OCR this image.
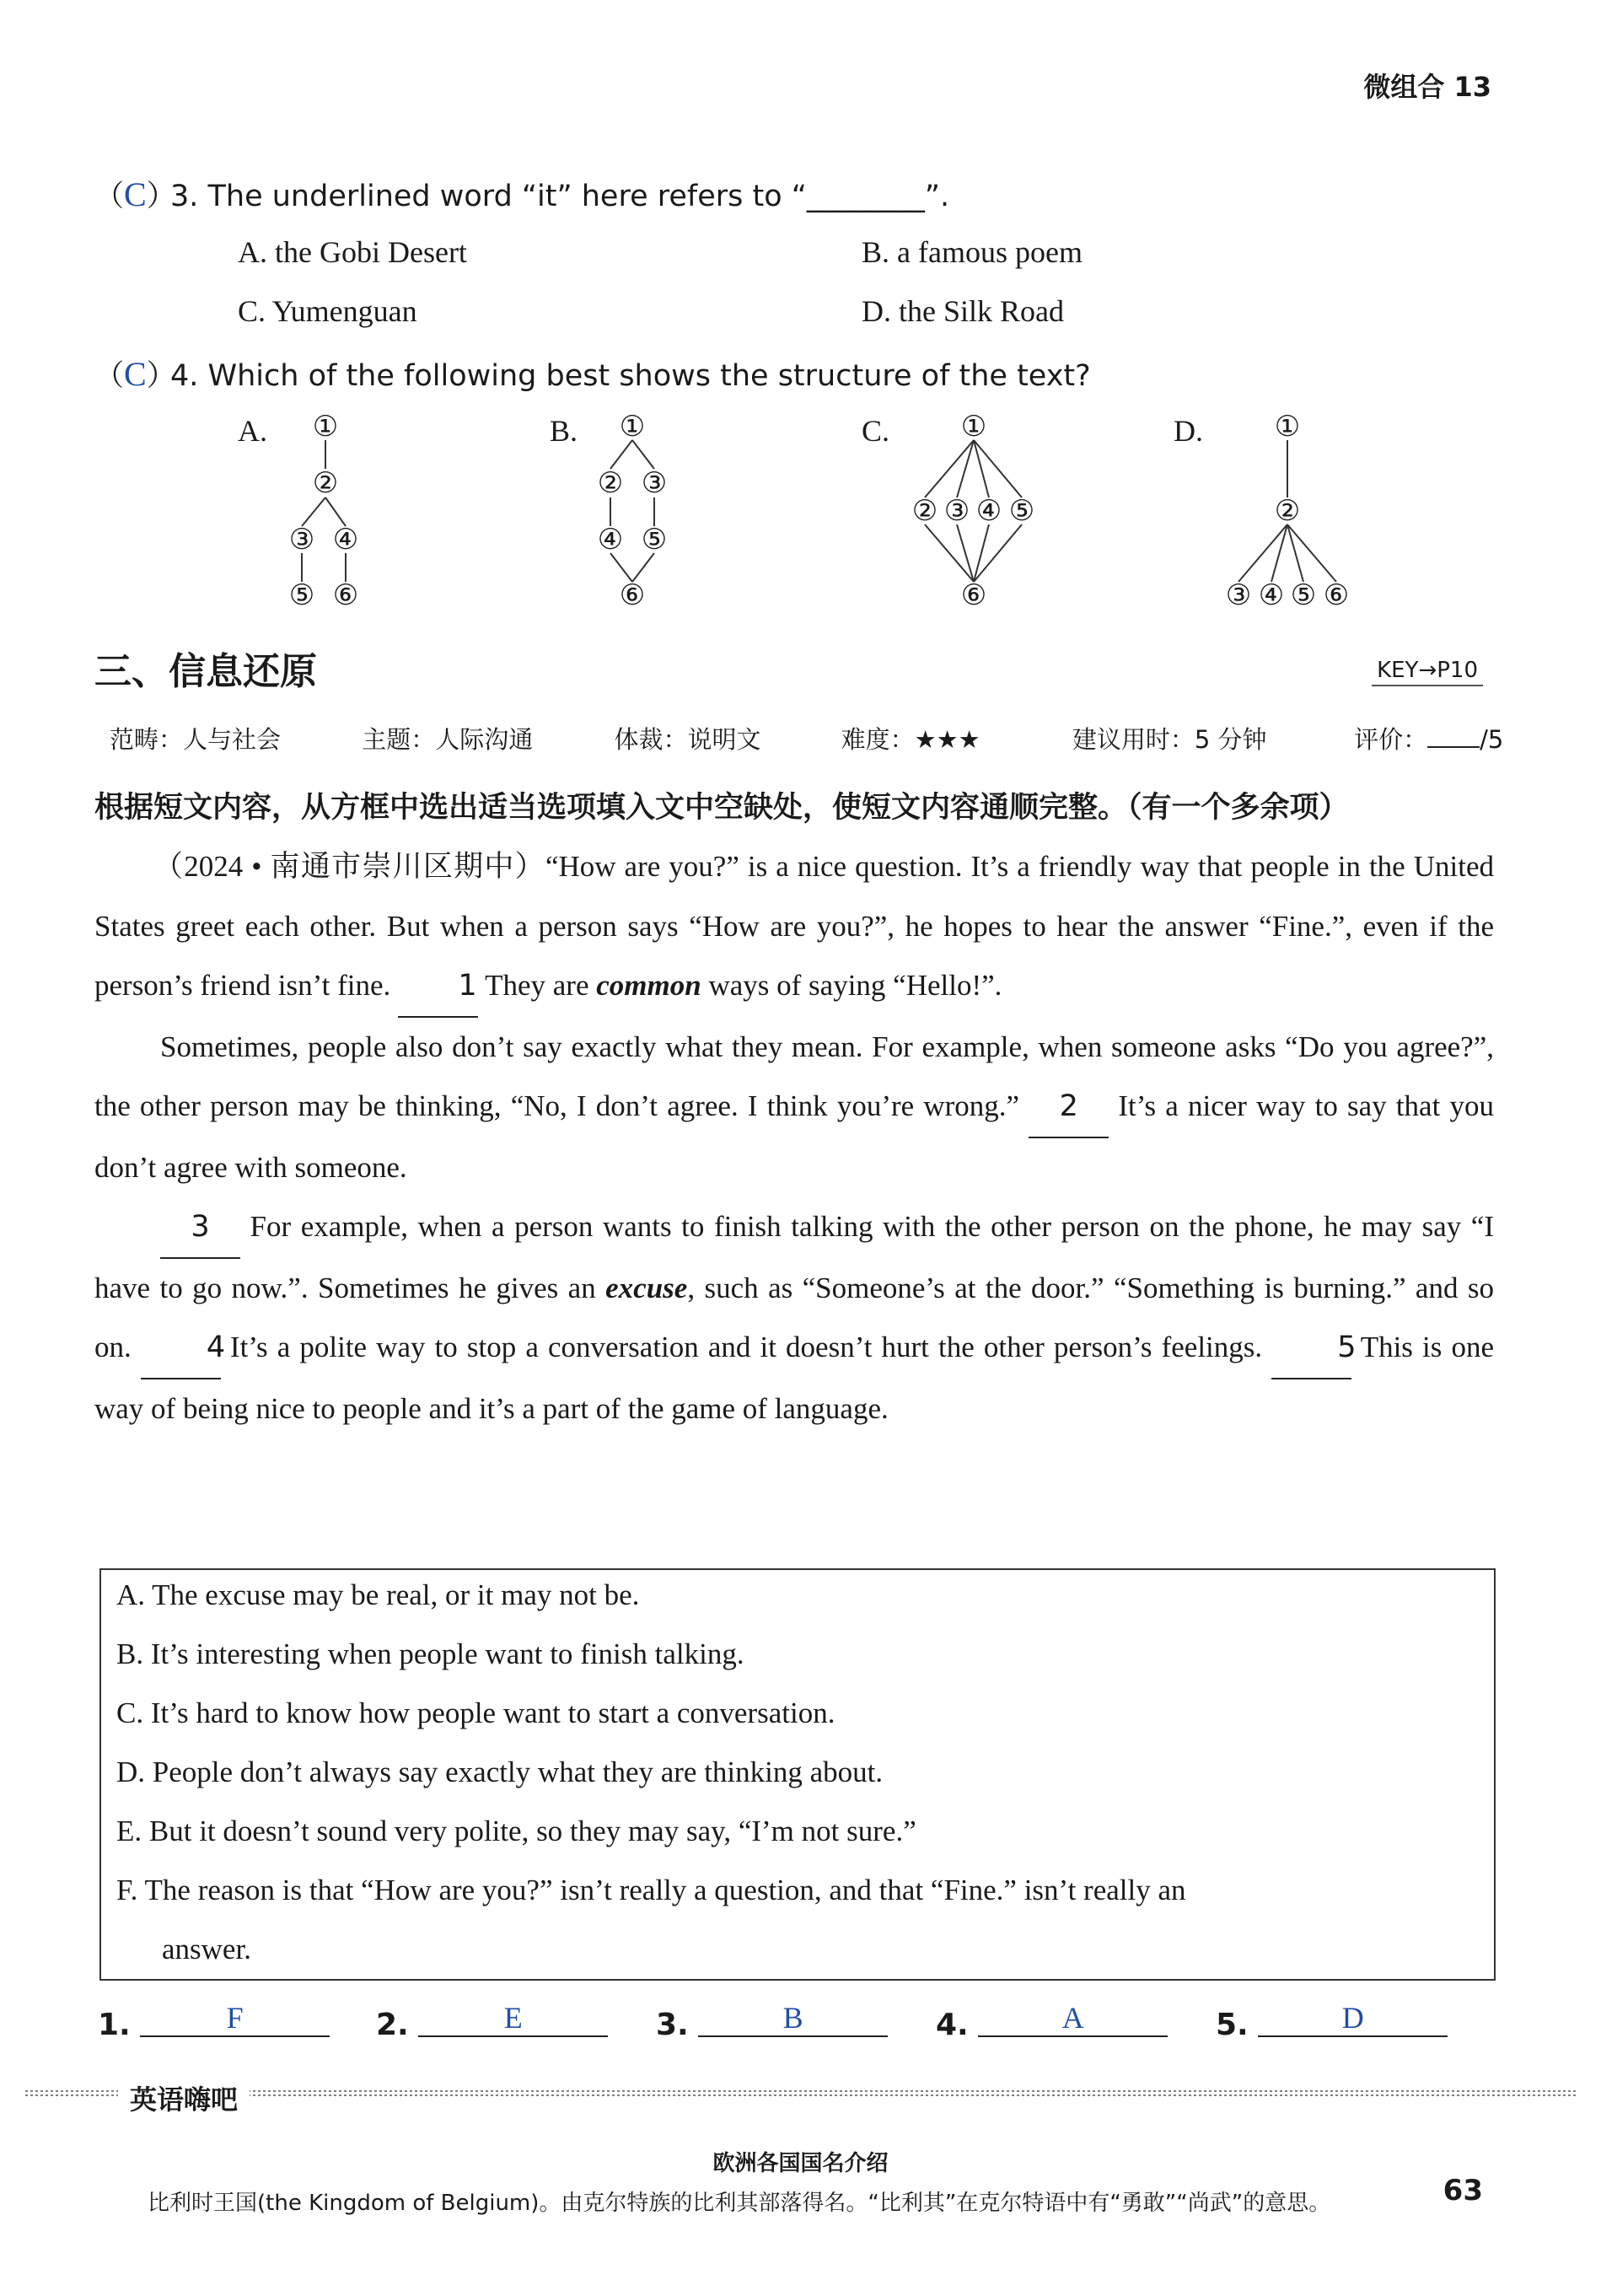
微组合 13
（C）3. The underlined word “it” here refers to “________”.
A. the Gobi Desert	B. a famous poem
C. Yumenguan	D. the Silk Road
（C）4. Which of the following best shows the structure of the text?
A.	B.	C.	D.
①
②
③ ④
⑤ ⑥
①
② ③
④ ⑤
⑥
①
② ③ ④ ⑤
⑥
①
②
③ ④ ⑤ ⑥
三、信息还原	KEY→P10
范畴：人与社会	主题：人际沟通	体裁：说明文	难度：★★★	建议用时：5 分钟	评价： /5
根据短文内容，从方框中选出适当选项填入文中空缺处，使短文内容通顺完整。（有一个多余项）

（2024 • 南通市崇川区期中）“How are you?” is a nice question. It’s a friendly way that people in the United States greet each other. But when a person says “How are you?”, he hopes to hear the answer “Fine.”, even if the person’s friend isn’t fine. 1 They are common ways of saying “Hello!”.

Sometimes, people also don’t say exactly what they mean. For example, when someone asks “Do you agree?”, the other person may be thinking, “No, I don’t agree. I think you’re wrong.” 2 It’s a nicer way to say that you don’t agree with someone.

3 For example, when a person wants to finish talking with the other person on the phone, he may say “I have to go now.”. Sometimes he gives an excuse, such as “Someone’s at the door.” “Something is burning.” and so on. 4 It’s a polite way to stop a conversation and it doesn’t hurt the other person’s feelings. 5 This is one way of being nice to people and it’s a part of the game of language.

A. The excuse may be real, or it may not be.
B. It’s interesting when people want to finish talking.
C. It’s hard to know how people want to start a conversation.
D. People don’t always say exactly what they are thinking about.
E. But it doesn’t sound very polite, so they may say, “I’m not sure.”
F. The reason is that “How are you?” isn’t really a question, and that “Fine.” isn’t really an
answer.
1.	F	2.	E	3.	B	4.	A	5.	D
英语嗨吧
欧洲各国国名介绍
比利时王国(the Kingdom of Belgium)。由克尔特族的比利其部落得名。“比利其”在克尔特语中有“勇敢”“尚武”的意思。	63
